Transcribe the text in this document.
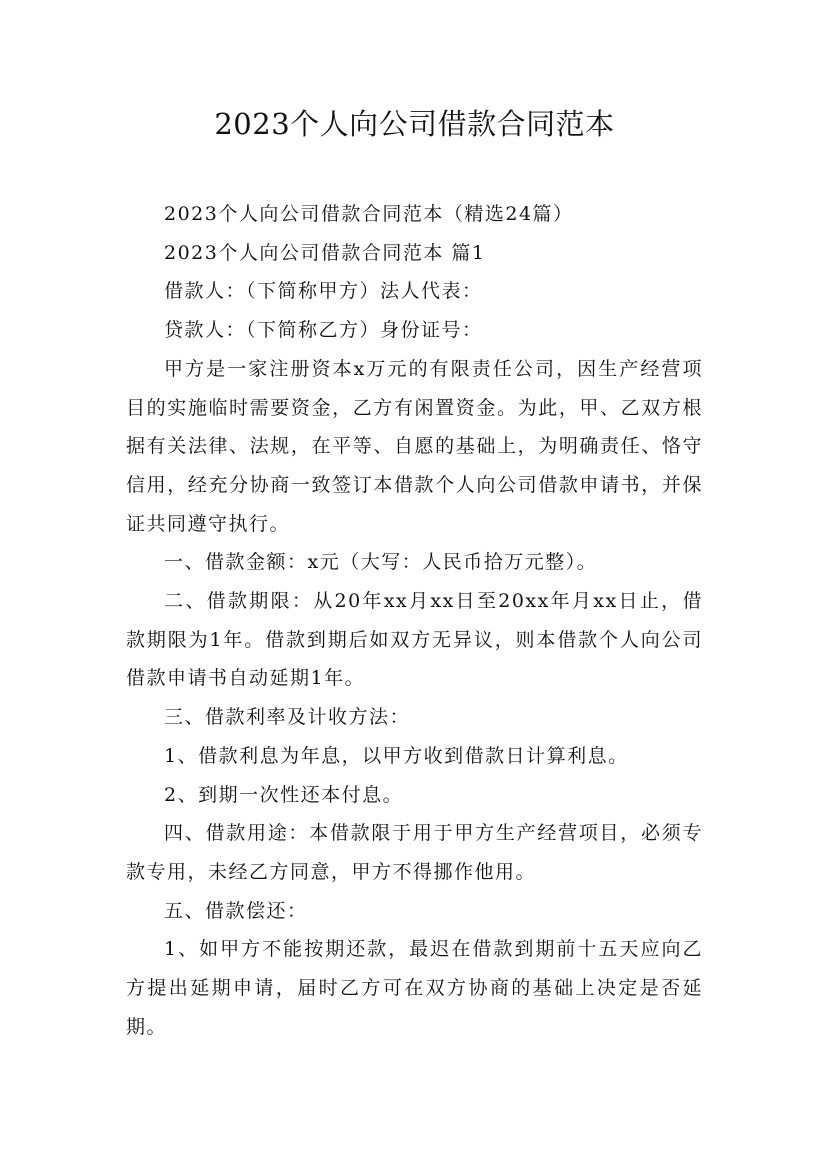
2023个人向公司借款合同范本

2023个人向公司借款合同范本（精选24篇）

2023个人向公司借款合同范本 篇1

借款人：（下简称甲方）法人代表：

贷款人：（下简称乙方）身份证号：

甲方是一家注册资本x万元的有限责任公司，因生产经营项目的实施临时需要资金，乙方有闲置资金。为此，甲、乙双方根据有关法律、法规，在平等、自愿的基础上，为明确责任、恪守信用，经充分协商一致签订本借款个人向公司借款申请书，并保证共同遵守执行。

一、借款金额：x元（大写：人民币拾万元整）。

二、借款期限：从20年xx月xx日至20xx年月xx日止，借款期限为1年。借款到期后如双方无异议，则本借款个人向公司借款申请书自动延期1年。

三、借款利率及计收方法：

1、借款利息为年息，以甲方收到借款日计算利息。

2、到期一次性还本付息。

四、借款用途：本借款限于用于甲方生产经营项目，必须专款专用，未经乙方同意，甲方不得挪作他用。

五、借款偿还：

1、如甲方不能按期还款，最迟在借款到期前十五天应向乙方提出延期申请，届时乙方可在双方协商的基础上决定是否延期。
